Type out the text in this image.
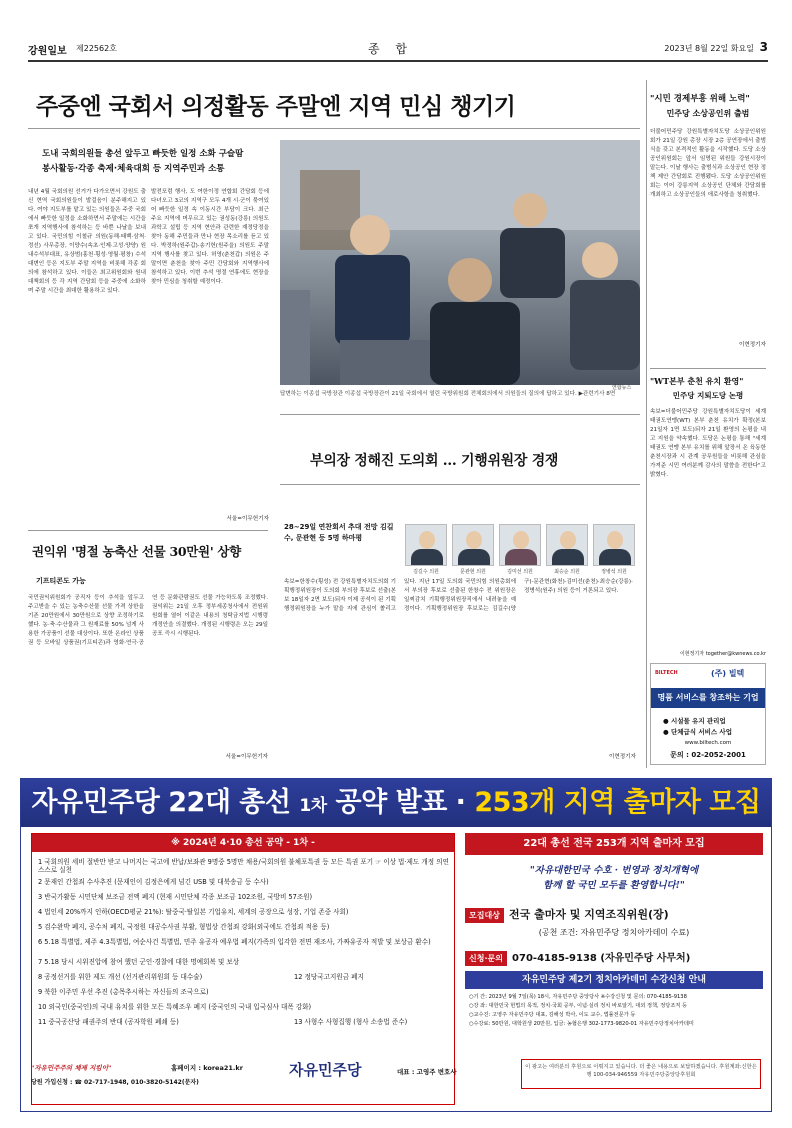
강원일보 제22562호	종 합	2023년 8월 22일 화요일 3
주중엔 국회서 의정활동 주말엔 지역 민심 챙기기
도내 국회의원들 총선 앞두고 빠듯한 일정 소화 구슬땀
봉사활동·각종 축제·체육대회 등 지역주민과 소통
내년 4월 국회의원 선거가 다가오면서 강원도 출신 현역 국회의원들이 발걸음이 분주해지고 있다. 여야 지도부를 맡고 있는 의원들은 주중 국회에서 빠듯한 일정을 소화하면서 주말에는 시간을 쪼개 지역행사에 참석하는 등 바쁜 나날을 보내고 있다. 국민의힘 이철규 의원(동해·태백·삼척·정선) 사무총장, 이양수(속초·인제·고성·양양) 원내수석부대표, 유상범(홍천·횡성·영월·평창) 수석대변인 등은 지도부 주말 지역을 비롯해 각종 회의에 참석하고 있다. 이들은 최고위원회와 원내대책회의 등 각 지역 간담회 등을 주중에 소화하며 주말 시간을 최대한 활용하고 있다.
발전포럼 행사, 도 여한이정 연합회 간담회 등에 다녀오고 3코의 지역구 모두 4개 시·군이 묶여있어 빠듯한 일정 속 이동시간 부담이 크다. 최근 주요 지역에 머무르고 있는 권성동(강릉) 의원도 과학고 설립 등 지역 현안과 관련한 재정당정을 찾아 동해 주민들과 만나 현장 목소리를 듣고 있다. 박정하(원주갑)·송기헌(원주을) 의원도 주말 지역 행사를 찾고 있다. 허영(춘천갑) 의원은 주말이면 춘천을 찾아 주민 간담회와 지역행사에 참석하고 있다. 이번 추석 명절 연휴에도 현장을 찾아 민심을 청취할 예정이다.
서울=이무헌기자
연합뉴스
답변하는 이종섭 국방장관 이종섭 국방장관이 21일 국회에서 열린 국방위원회 전체회의에서 의원들의 질의에 답하고 있다. ▶관련기사 8면
부의장 정해진 도의회 … 기행위원장 경쟁
28~29일 연찬회서 추대 전망 김길수, 문관현 등 5명 하마평
김길수 의원	문관현 의원	김미선 의원	최승순 의원	정병석 의원
속보=한창수(횡성) 전 강원특별자치도의회 기획행정위원장이 도의회 부의장 후보로 선출(본보 18일자 2면 보도)되자 이제 공석이 된 기획행정위원장을 누가 맡을 지에 관심이 쏠리고 있다. 지난 17일 도의회 국민의힘 의원총회에서 부의장 후보로 선출된 한창수 전 위원장은 일찌감치 기획행정위원장직에서 내려놓을 예정이다. 기획행정위원장 후보로는 김길수(양구)·문관현(화천)·김미선(춘천)·최승순(강릉)·정병석(원주) 의원 등이 거론되고 있다.
이현정기자
권익위 '명절 농축산 선물 30만원' 상향
기프티콘도 가능
국민권익위원회가 공직자 등이 추석을 앞두고 주고받을 수 있는 농축수산물 선물 가격 상한을 기존 20만원에서 30만원으로 상향 조정하기로 했다. 농·축·수산물과 그 원재료를 50% 넘게 사용한 가공품이 선물 대상이다. 또한 온라인 상품권 등 모바일 상품권(기프티콘)과 영화·연극·공연 등 문화관람권도 선물 가능하도록 조정했다. 권익위는 21일 오후 정부세종청사에서 전원위원회를 열어 이같은 내용의 청탁금지법 시행령 개정안을 의결했다. 개정된 시행령은 오는 29일 공포 즉시 시행된다.
서울=이무헌기자
"시민 경제부흥 위해 노력"
민주당 소상공인위 출범
더불어민주당 강원특별자치도당 소상공인위원회가 21일 강원 총장 시장 2층 공연장에서 출범식을 갖고 본격적인 활동을 시작했다. 도당 소상공인위원회는 앞서 임명된 위원들 강원시장이 맡는다. 이날 행사는 출범식과 소상공인 현장 정책 제안 간담회로 진행됐다. 도당 소상공인위원회는 이어 강릉지역 소상공인 단체와 간담회를 개최하고 소상공인들의 애로사항을 청취했다.
이현정기자
"WT본부 춘천 유치 환영"
민주당 지퇴도당 논평
속보=더불어민주당 강원특별자치도당이 세계태권도연맹(WT) 본부 춘천 유치가 확정(본보 21일자 1면 보도)되자 21일 환영의 논평을 내고 지원을 약속했다. 도당은 논평을 통해 "세계태권도 연맹 본부 유치를 위해 앞장서 온 육동한 춘천시장과 시 관계 공무원들을 비롯해 관심을 가져준 시민 여러분께 감사의 말씀을 전한다"고 밝혔다.
이현정기자 together@kwnews.co.kr
(주) 빌텍
BILTECH
명품 서비스를 창조하는 기업
● 시설물 유지 관리업
● 단체급식 서비스 사업
www.biltech.com
문의 : 02-2052-2001
자유민주당 22대 총선 1차 공약 발표 · 253개 지역 출마자 모집
※ 2024년 4·10 총선 공약 - 1차 -
1 국회의원 세비 절반만 받고 나머지는 국고에 반납/보좌관 9명중 5명만 채용/국회의원 불체포특권 등 모든 특권 포기 ☞ 이상 법·제도 개정 의연 스스로 실천
2 문재인 간첩죄 수사추진 (문재인이 김정은에게 넘긴 USB 및 대북송금 등 수사)
3 반국가활동 시민단체 보조금 전액 폐지 (현재 시민단체 각종 보조금 102조원, 국방비 57조원)
4 법인세 20%까지 인하(OECD평균 21%): 탈중국·탈일본 기업유치, 세계의 공장으로 성장, 기업 존중 사회)
5 검수완박 폐지, 공수처 폐지, 국정원 대공수사권 부활, 형법상 간첩죄 강화(외국에도 간첩죄 적용 등)
6 5.18 특별법, 제주 4.3특별법, 여순사건 특별법, 민주 유공자 예우법 폐지(가족의 입각한 전면 재조사, 가짜유공자 적발 및 보상금 환수)
7 5.18 당시 시위진압에 참여 했던 군인·경찰에 대한 명예회복 및 보상
8 공정선거를 위한 제도 개선 (선거관리위원회 등 대수술)
9 북한 이주민 우선 추진 (총목추시하는 자신들의 조국으로)
10 외국인(중국인)의 국내 유치를 위한 모든 특혜조우 폐지 (중국인의 국내 입국심사 대폭 강화)
11 중국공산당 패권주의 반대 (공자학원 폐쇄 등)
12 정당국고지원금 폐지
13 사형수 사형집행 (형사 소송법 준수)
22대 총선 전국 253개 지역 출마자 모집
"자유대한민국 수호 · 번영과 정치개혁에
함께 할 국민 모두를 환영합니다!"
모집대상 전국 출마자 및 지역조직위원(장)
(공천 조건: 자유민주당 정치아카데미 수료)
신청·문의 070-4185-9138 (자유민주당 사무처)
자유민주당 제2기 정치아카데미 수강신청 안내
○기 간: 2023년 9월 7일(목) 18시, 자유민주당 중앙당사 ※수강신청 및 문의: 070-4185-9138
○강 좌: 대한민국 헌법의 목적, 정치·국회 공부, 이념·실리 정치 바로알기, 대외 정책, 정당조직 등
○교수진: 고영주 자유민주당 대표, 김해성 박사, 이도 교수, 법률전문가 등
○수강료: 50만원, 대학원생 20만원, 입금: 농협은행 302-1773-9820-01 자유민주당정치아카데미
"자유민주주의 체제 지킴이"	홈페이지 : korea21.kr
당원 가입신청 : ☎ 02-717-1948, 010-3820-5142(문자)
자유민주당	대표 : 고영주 변호사
이 광고는 여러분의 후원으로 이뤄지고 있습니다. 더 좋은 내용으로 보답하겠습니다. 후원계좌:신한은행 100-034-946559 자유민주당중앙당후원회
